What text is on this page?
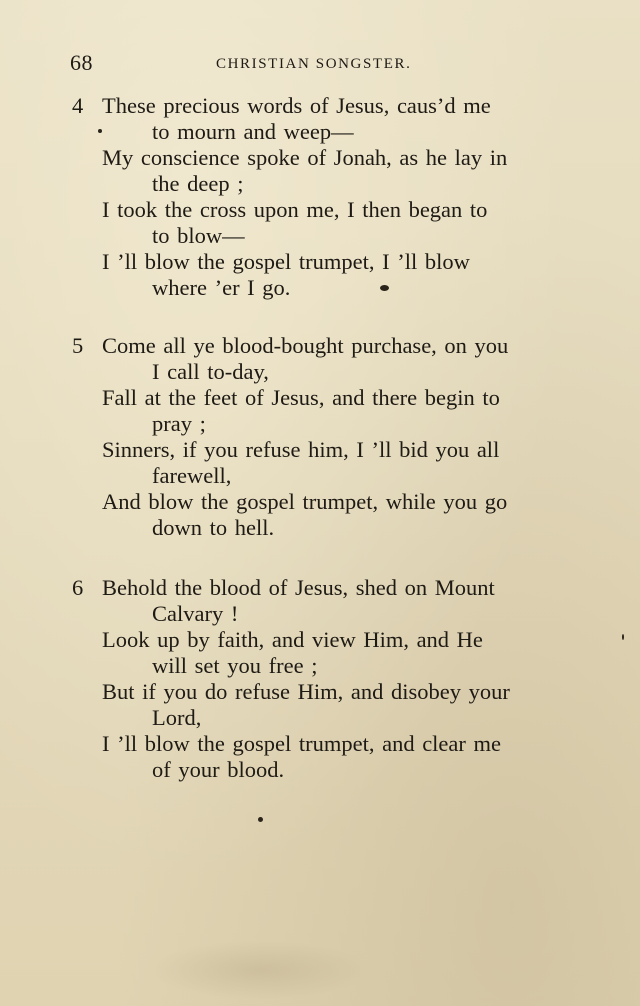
68	CHRISTIAN SONGSTER.
4 These precious words of Jesus, caus’d me
to mourn and weep—
My conscience spoke of Jonah, as he lay in
the deep ;
I took the cross upon me, I then began to
to blow—
I ’ll blow the gospel trumpet, I ’ll blow
where ’er I go.
5 Come all ye blood-bought purchase, on you
I call to-day,
Fall at the feet of Jesus, and there begin to
pray ;
Sinners, if you refuse him, I ’ll bid you all
farewell,
And blow the gospel trumpet, while you go
down to hell.
6 Behold the blood of Jesus, shed on Mount
Calvary !
Look up by faith, and view Him, and He
will set you free ;
But if you do refuse Him, and disobey your
Lord,
I ’ll blow the gospel trumpet, and clear me
of your blood.
